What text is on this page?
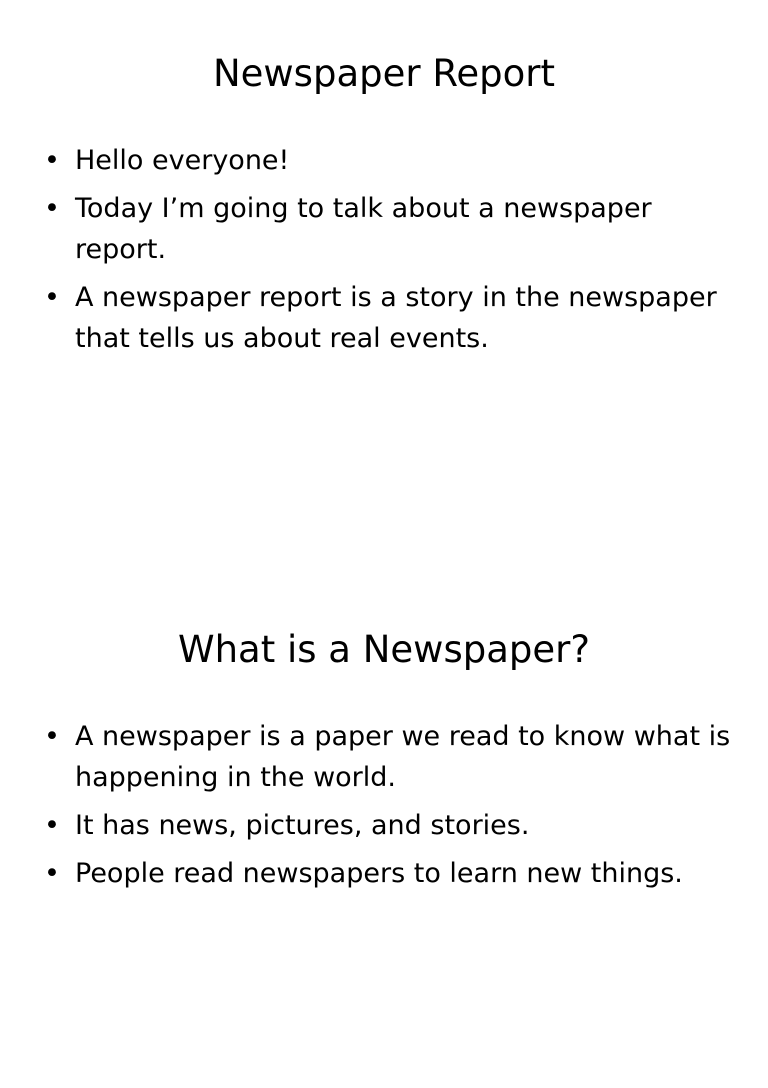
Newspaper Report
• Hello everyone!
• Today I’m going to talk about a newspaper report.
• A newspaper report is a story in the newspaper that tells us about real events.
What is a Newspaper?
• A newspaper is a paper we read to know what is happening in the world.
• It has news, pictures, and stories.
• People read newspapers to learn new things.
